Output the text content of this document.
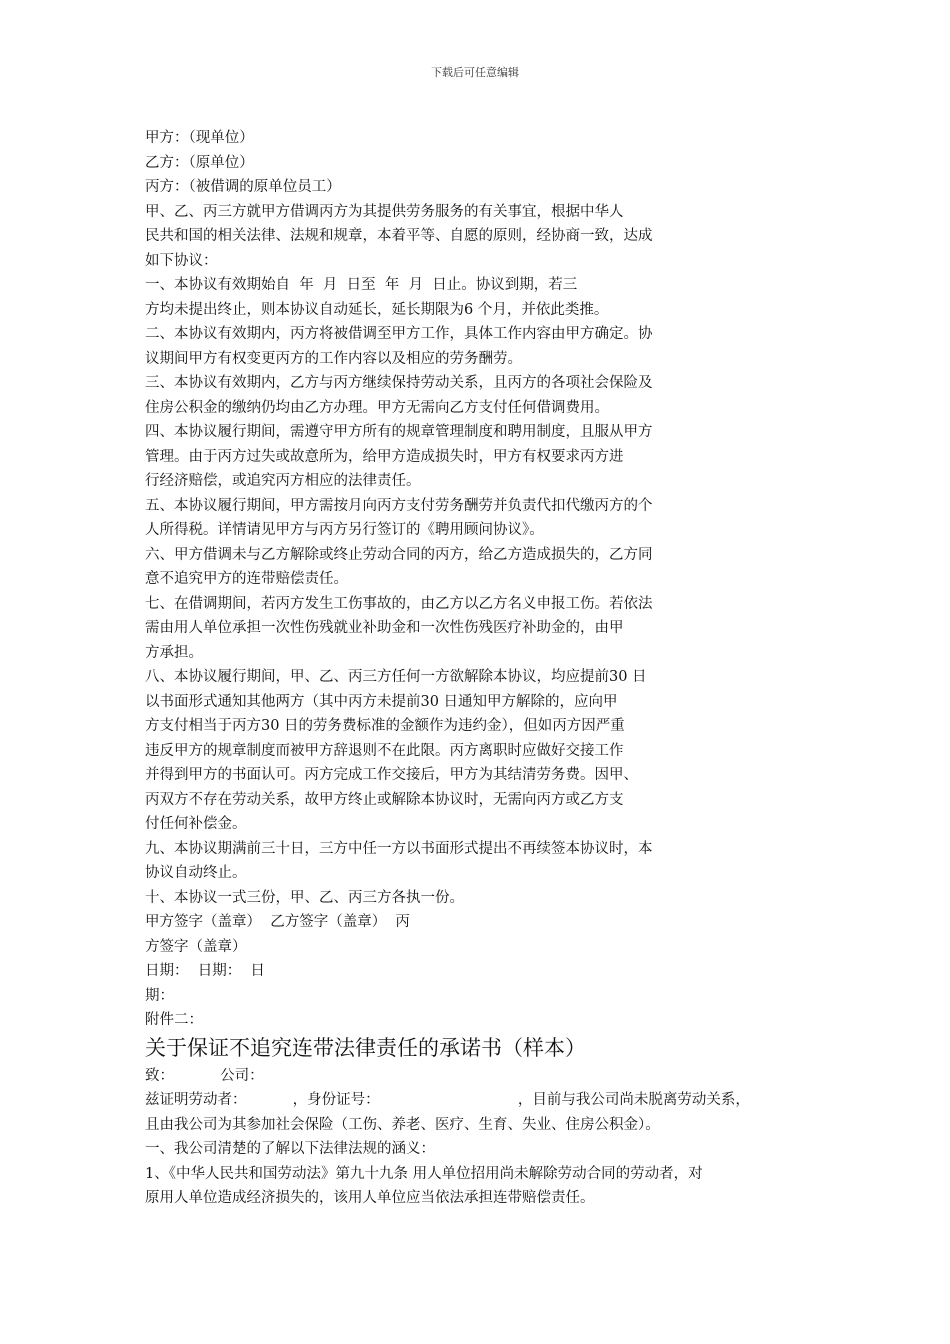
下载后可任意编辑
甲方：（现单位）
乙方：（原单位）
丙方：（被借调的原单位员工）
甲、乙、丙三方就甲方借调丙方为其提供劳务服务的有关事宜，根据中华人
民共和国的相关法律、法规和规章，本着平等、自愿的原则，经协商一致，达成
如下协议：
一、本协议有效期始自  年  月  日至  年  月  日止。协议到期，若三
方均未提出终止，则本协议自动延长，延长期限为6 个月，并依此类推。
二、本协议有效期内，丙方将被借调至甲方工作，具体工作内容由甲方确定。协
议期间甲方有权变更丙方的工作内容以及相应的劳务酬劳。
三、本协议有效期内，乙方与丙方继续保持劳动关系，且丙方的各项社会保险及
住房公积金的缴纳仍均由乙方办理。甲方无需向乙方支付任何借调费用。
四、本协议履行期间，需遵守甲方所有的规章管理制度和聘用制度，且服从甲方
管理。由于丙方过失或故意所为，给甲方造成损失时，甲方有权要求丙方进
行经济赔偿，或追究丙方相应的法律责任。
五、本协议履行期间，甲方需按月向丙方支付劳务酬劳并负责代扣代缴丙方的个
人所得税。详情请见甲方与丙方另行签订的《聘用顾问协议》。
六、甲方借调未与乙方解除或终止劳动合同的丙方，给乙方造成损失的，乙方同
意不追究甲方的连带赔偿责任。
七、在借调期间，若丙方发生工伤事故的，由乙方以乙方名义申报工伤。若依法
需由用人单位承担一次性伤残就业补助金和一次性伤残医疗补助金的，由甲
方承担。
八、本协议履行期间，甲、乙、丙三方任何一方欲解除本协议，均应提前30 日
以书面形式通知其他两方（其中丙方未提前30 日通知甲方解除的，应向甲
方支付相当于丙方30 日的劳务费标准的金额作为违约金），但如丙方因严重
违反甲方的规章制度而被甲方辞退则不在此限。丙方离职时应做好交接工作
并得到甲方的书面认可。丙方完成工作交接后，甲方为其结清劳务费。因甲、
丙双方不存在劳动关系，故甲方终止或解除本协议时，无需向丙方或乙方支
付任何补偿金。
九、本协议期满前三十日，三方中任一方以书面形式提出不再续签本协议时，本
协议自动终止。
十、本协议一式三份，甲、乙、丙三方各执一份。
甲方签字（盖章）  乙方签字（盖章）  丙
方签字（盖章）
日期：  日期：  日
期：
附件二：
关于保证不追究连带法律责任的承诺书（样本）
致：          公司：
兹证明劳动者：          ，身份证号：                              ，目前与我公司尚未脱离劳动关系，
且由我公司为其参加社会保险（工伤、养老、医疗、生育、失业、住房公积金）。
一、我公司清楚的了解以下法律法规的涵义：
1、《中华人民共和国劳动法》第九十九条 用人单位招用尚未解除劳动合同的劳动者，对
原用人单位造成经济损失的，该用人单位应当依法承担连带赔偿责任。
